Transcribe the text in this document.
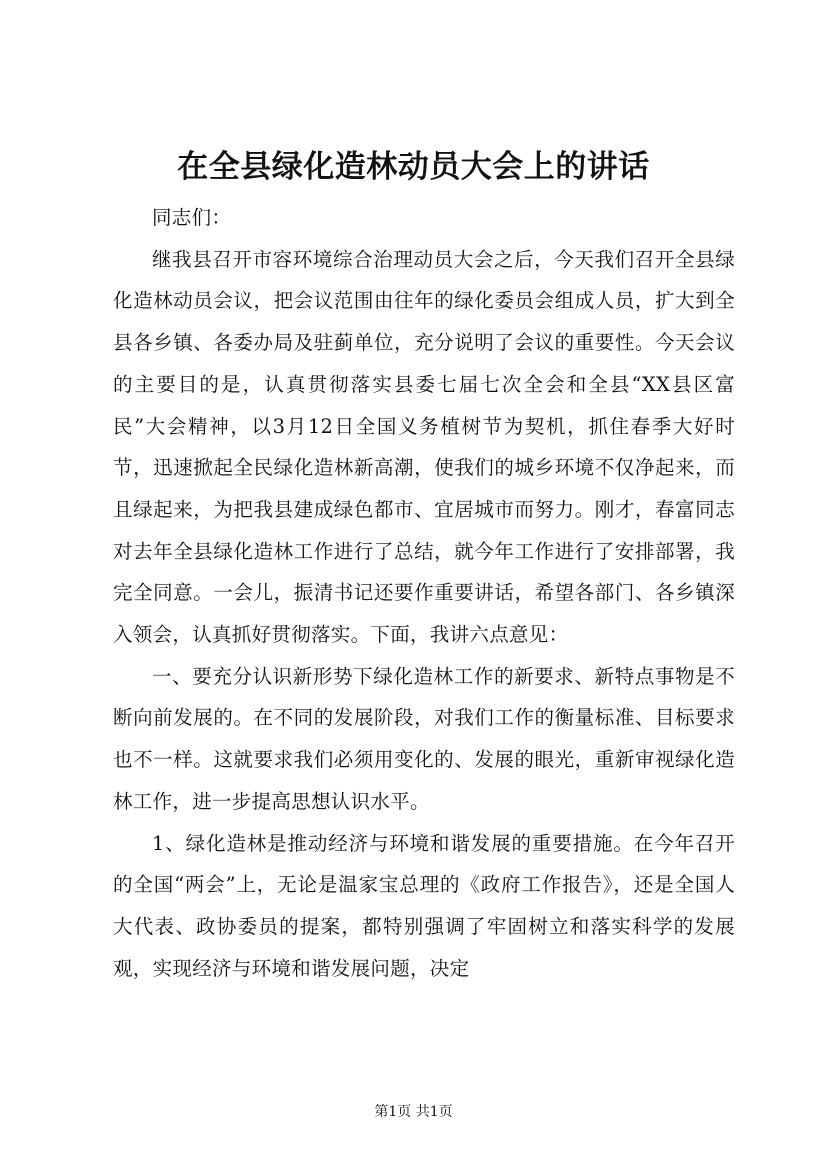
在全县绿化造林动员大会上的讲话

同志们：

继我县召开市容环境综合治理动员大会之后，今天我们召开全县绿化造林动员会议，把会议范围由往年的绿化委员会组成人员，扩大到全县各乡镇、各委办局及驻蓟单位，充分说明了会议的重要性。今天会议的主要目的是，认真贯彻落实县委七届七次全会和全县“XX县区富民”大会精神，以3月12日全国义务植树节为契机，抓住春季大好时节，迅速掀起全民绿化造林新高潮，使我们的城乡环境不仅净起来，而且绿起来，为把我县建成绿色都市、宜居城市而努力。刚才，春富同志对去年全县绿化造林工作进行了总结，就今年工作进行了安排部署，我完全同意。一会儿，振清书记还要作重要讲话，希望各部门、各乡镇深入领会，认真抓好贯彻落实。下面，我讲六点意见：

一、要充分认识新形势下绿化造林工作的新要求、新特点事物是不断向前发展的。在不同的发展阶段，对我们工作的衡量标准、目标要求也不一样。这就要求我们必须用变化的、发展的眼光，重新审视绿化造林工作，进一步提高思想认识水平。

1、绿化造林是推动经济与环境和谐发展的重要措施。在今年召开的全国“两会”上，无论是温家宝总理的《政府工作报告》，还是全国人大代表、政协委员的提案，都特别强调了牢固树立和落实科学的发展观，实现经济与环境和谐发展问题，决定

第1页 共1页
